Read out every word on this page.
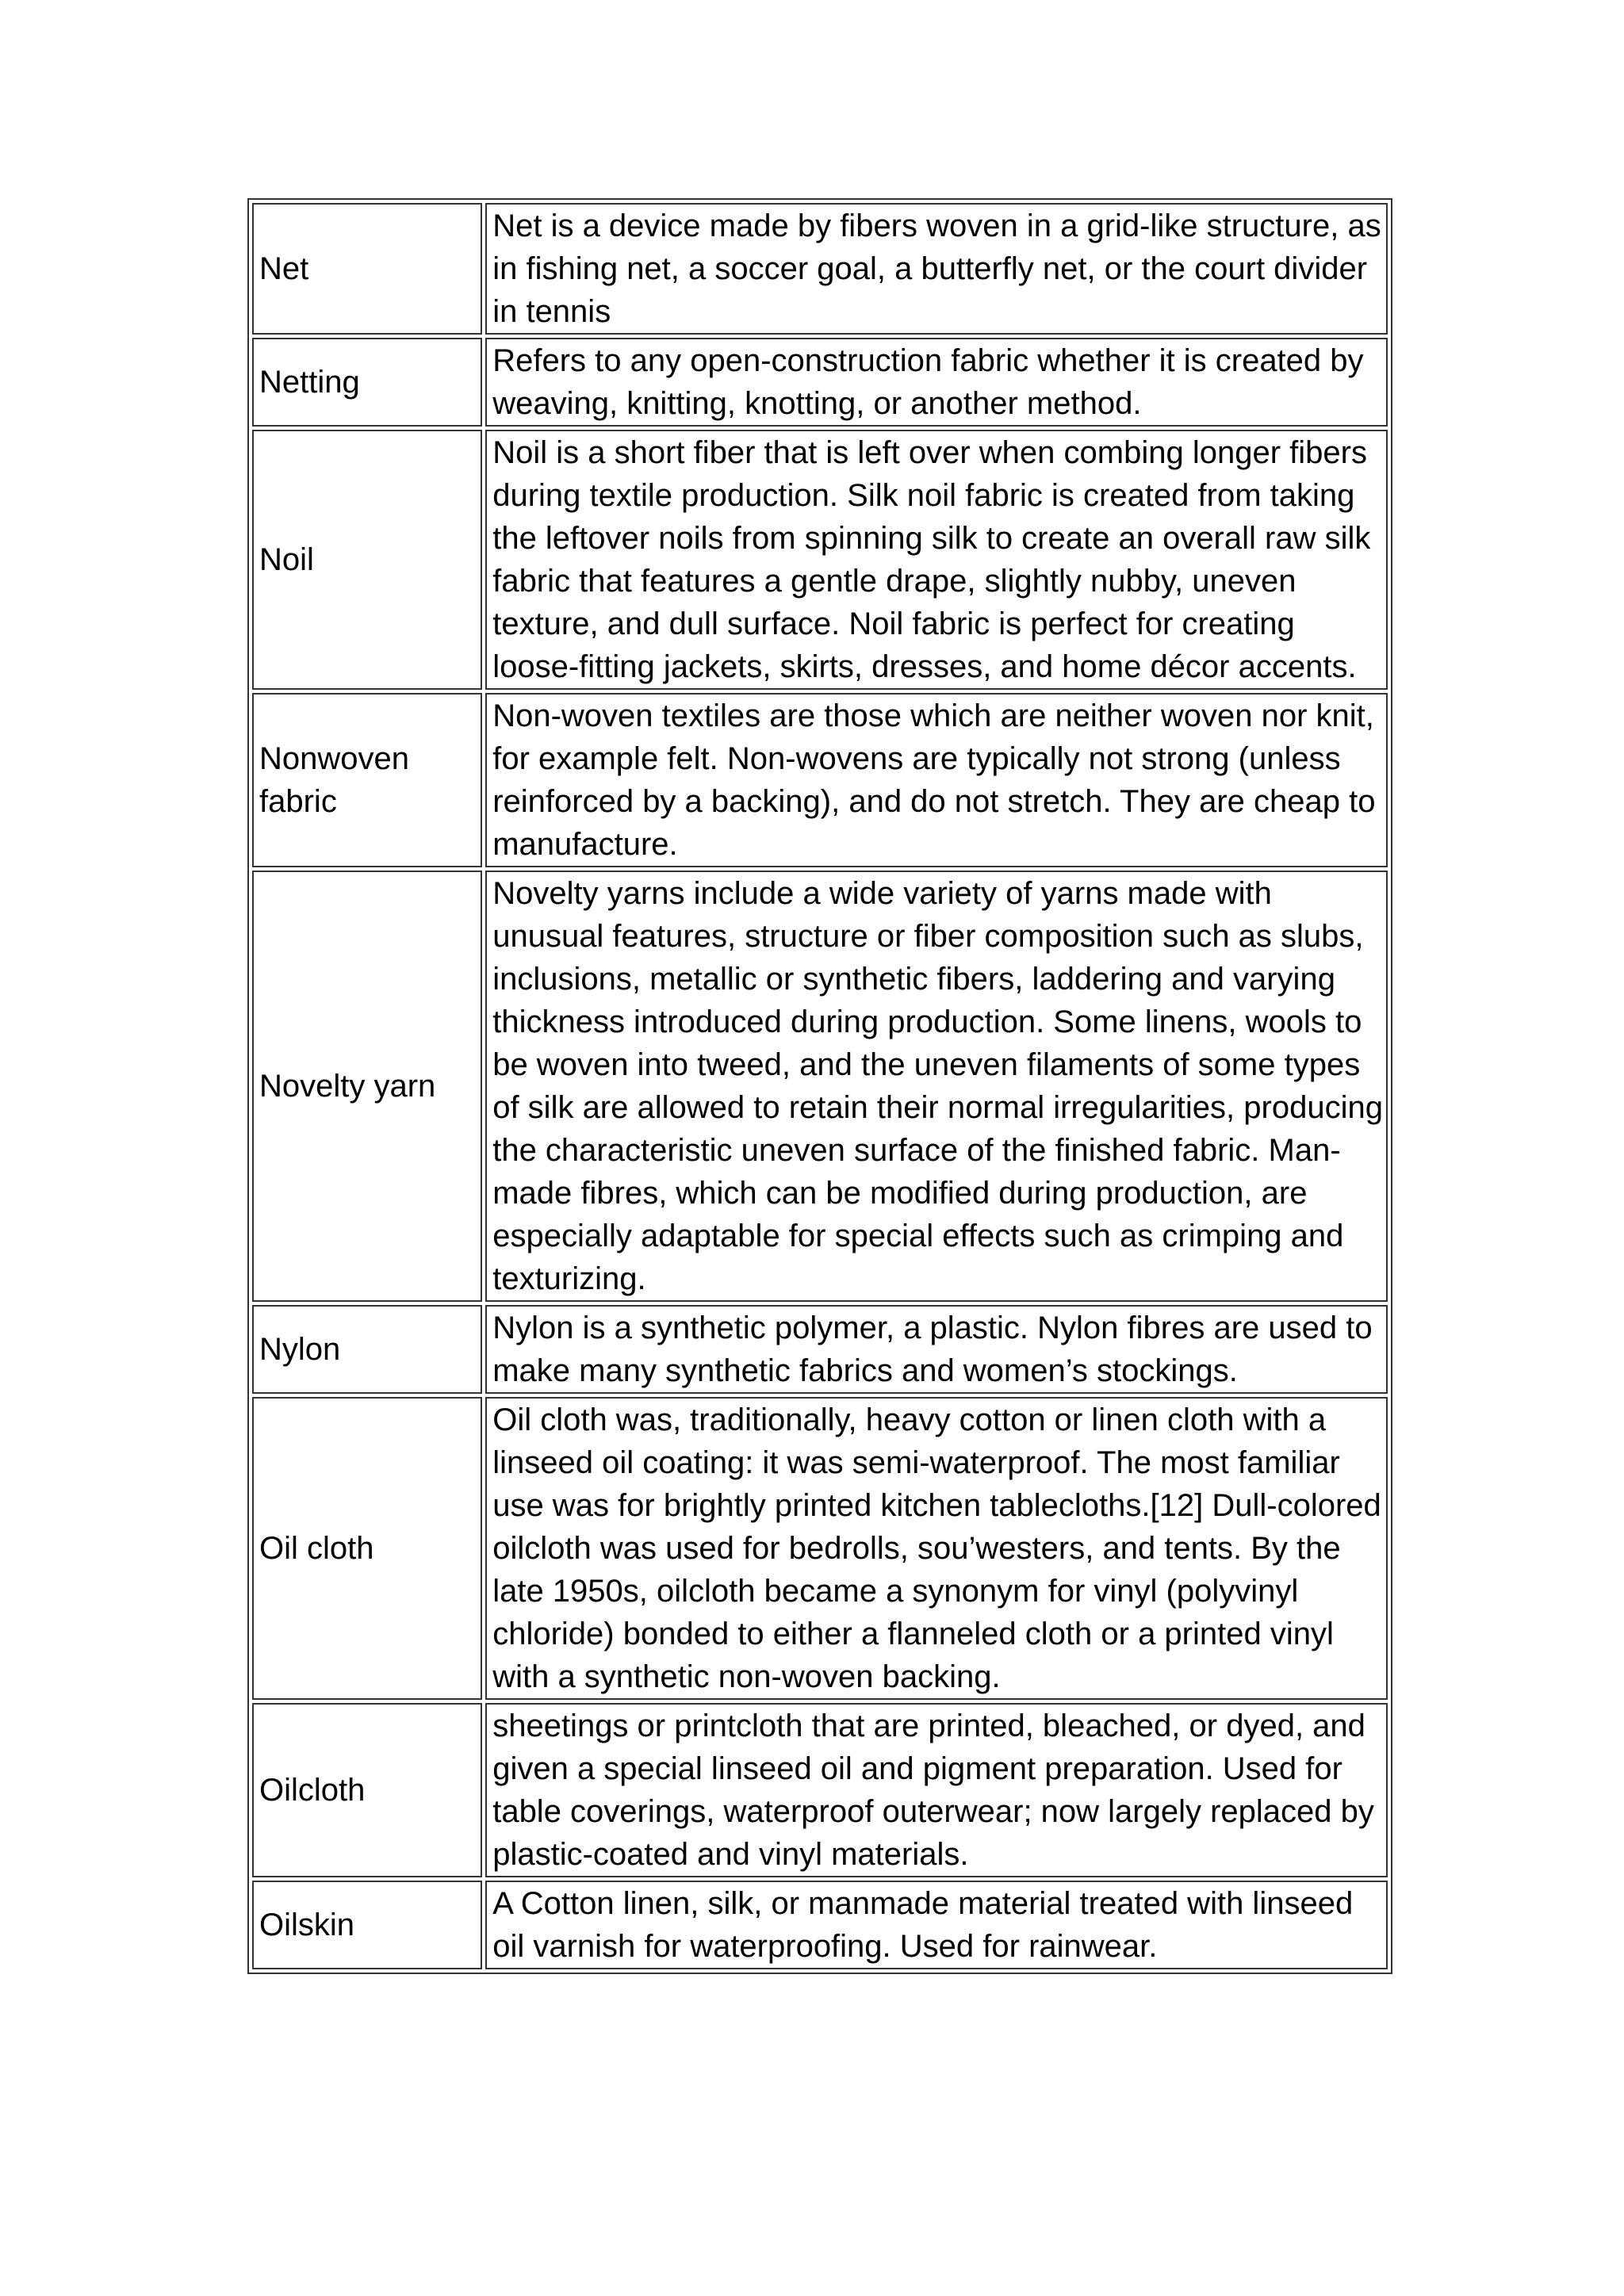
Net	Net is a device made by fibers woven in a grid-like structure, as in fishing net, a soccer goal, a butterfly net, or the court divider in tennis
Netting	Refers to any open-construction fabric whether it is created by weaving, knitting, knotting, or another method.
Noil	Noil is a short fiber that is left over when combing longer fibers during textile production. Silk noil fabric is created from taking the leftover noils from spinning silk to create an overall raw silk fabric that features a gentle drape, slightly nubby, uneven texture, and dull surface. Noil fabric is perfect for creating loose-fitting jackets, skirts, dresses, and home décor accents.
Nonwoven fabric	Non-woven textiles are those which are neither woven nor knit, for example felt. Non-wovens are typically not strong (unless reinforced by a backing), and do not stretch. They are cheap to manufacture.
Novelty yarn	Novelty yarns include a wide variety of yarns made with unusual features, structure or fiber composition such as slubs, inclusions, metallic or synthetic fibers, laddering and varying thickness introduced during production. Some linens, wools to be woven into tweed, and the uneven filaments of some types of silk are allowed to retain their normal irregularities, producing the characteristic uneven surface of the finished fabric. Man-made fibres, which can be modified during production, are especially adaptable for special effects such as crimping and texturizing.
Nylon	Nylon is a synthetic polymer, a plastic. Nylon fibres are used to make many synthetic fabrics and women’s stockings.
Oil cloth	Oil cloth was, traditionally, heavy cotton or linen cloth with a linseed oil coating: it was semi-waterproof. The most familiar use was for brightly printed kitchen tablecloths.[12] Dull-colored oilcloth was used for bedrolls, sou’westers, and tents. By the late 1950s, oilcloth became a synonym for vinyl (polyvinyl chloride) bonded to either a flanneled cloth or a printed vinyl with a synthetic non-woven backing.
Oilcloth	sheetings or printcloth that are printed, bleached, or dyed, and given a special linseed oil and pigment preparation. Used for table coverings, waterproof outerwear; now largely replaced by plastic-coated and vinyl materials.
Oilskin	A Cotton linen, silk, or manmade material treated with linseed oil varnish for waterproofing. Used for rainwear.
